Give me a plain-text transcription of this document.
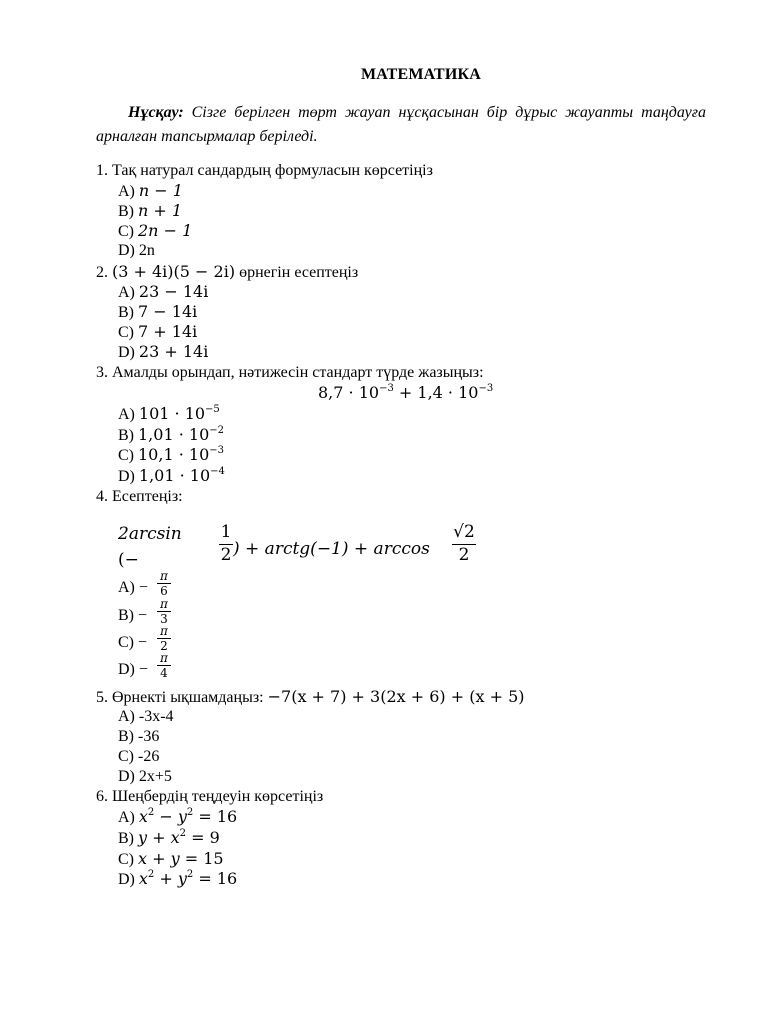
МАТЕМАТИКА
Нұсқау: Сізге берілген төрт жауап нұсқасынан бір дұрыс жауапты таңдауға арналған тапсырмалар беріледі.
1. Тақ натурал сандардың формуласын көрсетіңіз
A) n − 1
B) n + 1
C) 2n − 1
D) 2n
2. (3 + 4i)(5 − 2i) өрнегін есептеңіз
A) 23 − 14i
B) 7 − 14i
C) 7 + 14i
D) 23 + 14i
3. Амалды орындап, нәтижесін стандарт түрде жазыңыз:
$8,7 \cdot 10^{-3} + 1,4 \cdot 10^{-3}$
A) $101 \cdot 10^{-5}$
B) $1,01 \cdot 10^{-2}$
C) $10,1 \cdot 10^{-3}$
D) $1,01 \cdot 10^{-4}$
4. Есептеңіз:
2arcsin
(−
1
2 ) + arctg(−1) + arccos
√2
2
A) −
π
6
B) −
π
3
C) −
π
2
D) −
π
4
5. Өрнекті ықшамдаңыз: −7(x + 7) + 3(2x + 6) + (x + 5)
A) -3x-4
B) -36
C) -26
D) 2x+5
6. Шеңбердің теңдеуін көрсетіңіз
A) $x^2 - y^2 = 16$
B) $y + x^2 = 9$
C) x + y = 15
D) $x^2 + y^2 = 16$
